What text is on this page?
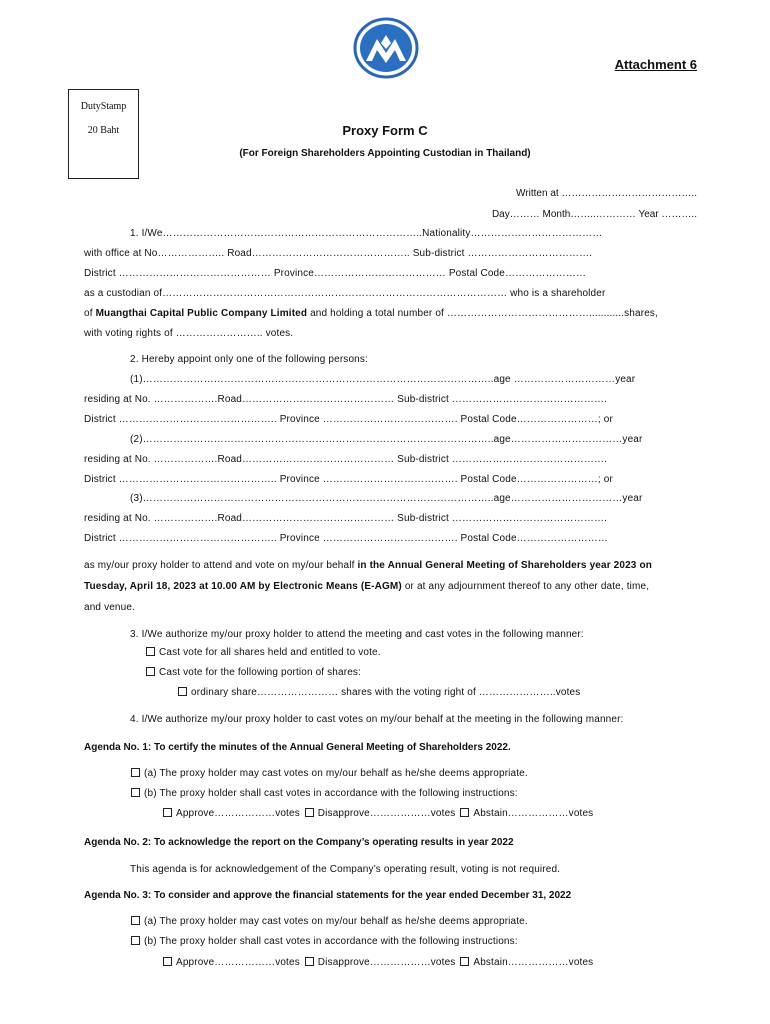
Attachment 6
DutyStamp
20 Baht	Proxy Form C
(For Foreign Shareholders Appointing Custodian in Thailand)
Written at …………………………………..
Day……… Month……..………… Year ………..
1. I/We…………………………………………………………………..Nationality…………………………………
with office at No……………….. Road……………………………………….. Sub-district ……………………………….
District ……………………………………… Province………………………………… Postal Code……………………
as a custodian of………………………………………………………………………………………… who is a shareholder
of Muangthai Capital Public Company Limited and holding a total number of ……………………………………............shares,
with voting rights of …………………….. votes.
2. Hereby appoint only one of the following persons:
(1)…………………………………………………………………………………………..age …………………………year
residing at No. ……………….Road……………………………………… Sub-district ……………………………………….
District ……………………………………….. Province …………………………………. Postal Code……………………; or
(2)…………………………………………………………………………………………..age……………………………year
residing at No. ……………….Road……………………………………… Sub-district ……………………………………….
District ……………………………………….. Province …………………………………. Postal Code……………………; or
(3)…………………………………………………………………………………………..age……………………………year
residing at No. ……………….Road……………………………………… Sub-district ……………………………………….
District ……………………………………….. Province …………………………………. Postal Code………………………
as my/our proxy holder to attend and vote on my/our behalf in the Annual General Meeting of Shareholders year 2023 on
Tuesday, April 18, 2023 at 10.00 AM by Electronic Means (E-AGM) or at any adjournment thereof to any other date, time,
and venue.
3. I/We authorize my/our proxy holder to attend the meeting and cast votes in the following manner:
Cast vote for all shares held and entitled to vote.
Cast vote for the following portion of shares:
ordinary share…………………… shares with the voting right of …………………..votes
4. I/We authorize my/our proxy holder to cast votes on my/our behalf at the meeting in the following manner:
Agenda No. 1: To certify the minutes of the Annual General Meeting of Shareholders 2022.
(a) The proxy holder may cast votes on my/our behalf as he/she deems appropriate.
(b) The proxy holder shall cast votes in accordance with the following instructions:
Approve………………votes Disapprove………………votes Abstain………………votes
Agenda No. 2: To acknowledge the report on the Company’s operating results in year 2022
This agenda is for acknowledgement of the Company’s operating result, voting is not required.
Agenda No. 3: To consider and approve the financial statements for the year ended December 31, 2022
(a) The proxy holder may cast votes on my/our behalf as he/she deems appropriate.
(b) The proxy holder shall cast votes in accordance with the following instructions:
Approve………………votes Disapprove………………votes Abstain………………votes
